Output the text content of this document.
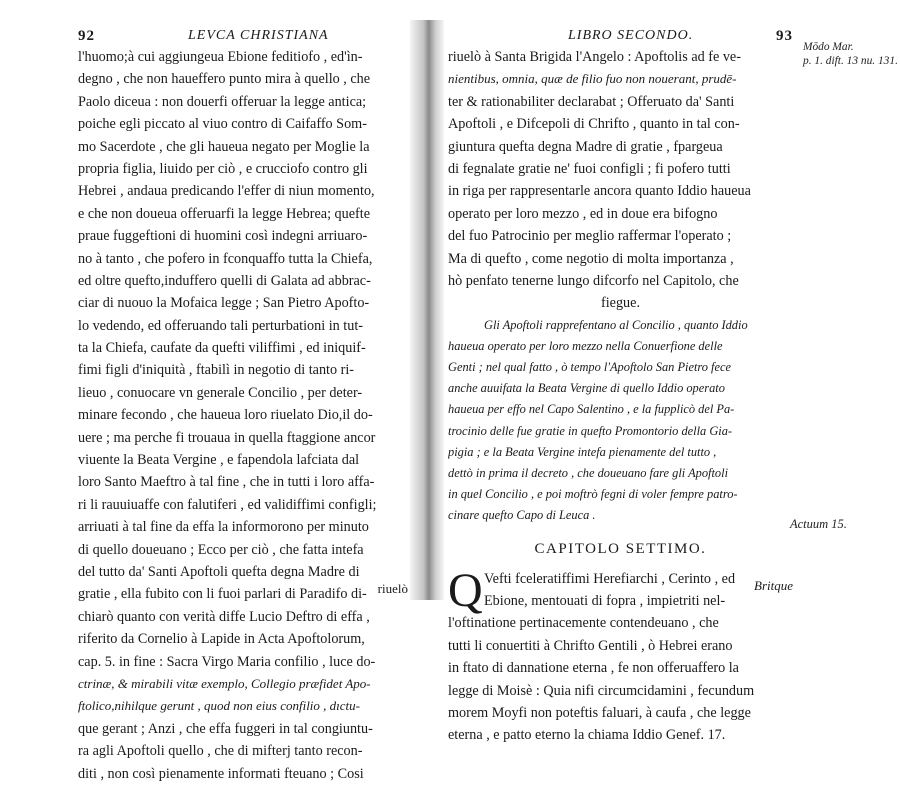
92	LEVCA CHRISTIANA
l'huomo;à cui aggiungeua Ebione feditiofo , ed'ìn-
degno , che non haueffero punto mira à quello , che
Paolo diceua : non douerfi offeruar la legge antica;
poiche egli piccato al viuo contro di Caifaffo Som-
mo Sacerdote , che gli haueua negato per Moglie la
propria figlia, liuido per ciò , e crucciofo contro gli
Hebrei , andaua predicando l'effer di niun momento,
e che non doueua offeruarfi la legge Hebrea; quefte
praue fuggeftioni di huomini così indegni arriuaro-
no à tanto , che pofero in fconquaffo tutta la Chiefa,
ed oltre quefto,induffero quelli di Galata ad abbrac-
ciar di nuouo la Mofaica legge ; San Pietro Apofto-
lo vedendo, ed offeruando tali perturbationi in tut-
ta la Chiefa, caufate da quefti viliffimi , ed iniquif-
fimi figli d'iniquità , ftabilì in negotio di tanto ri-
lieuo , conuocare vn generale Concilio , per deter-
minare fecondo , che haueua loro riuelato Dio,il do-
uere ; ma perche fi trouaua in quella ftaggione ancor
viuente la Beata Vergine , e fapendola lafciata dal
loro Santo Maeftro à tal fine , che in tutti i loro affa-
ri li rauuiuaffe con falutiferi , ed validiffimi configli;
arriuati à tal fine da effa la informorono per minuto
di quello doueuano ; Ecco per ciò , che fatta intefa
del tutto da' Santi Apoftoli quefta degna Madre di
gratie , ella fubito con li fuoi parlari di Paradifo di-
chiarò quanto con verità diffe Lucio Deftro di effa ,
riferito da Cornelio à Lapide in Acta Apoftolorum,
cap. 5. in fine : Sacra Virgo Maria confilio , luce do-
ctrinæ, & mirabili vitæ exemplo, Collegio præfidet Apo-
ftolico,nihilque gerunt , quod non eius confilio , dıctu-
que gerant ; Anzi , che effa fuggeri in tal congiuntu-
ra agli Apoftoli quello , che di mifterj tanto recon-
diti , non così pienamente informati fteuano ; Cosi
riuelò
LIBRO SECONDO.	93
riuelò à Santa Brigida l'Angelo : Apoftolis ad fe ve-
nientibus, omnia, quæ de filio fuo non nouerant, prudē-
ter & rationabiliter declarabat ; Offeruato da' Santi
Apoftoli , e Difcepoli di Chrifto , quanto in tal con-
giuntura quefta degna Madre di gratie , fpargeua
di fegnalate gratie ne' fuoi configli ; fi pofero tutti
in riga per rappresentarle ancora quanto Iddio haueua
operato per loro mezzo , ed in doue era bifogno
del fuo Patrocinio per meglio raffermar l'operato ;
Ma di quefto , come negotio di molta importanza ,
hò penfato tenerne lungo difcorfo nel Capitolo, che
fiegue.
Gli Apoftoli rapprefentano al Concilio , quanto Iddio
haueua operato per loro mezzo nella Conuerfione delle
Genti ; nel qual fatto , ò tempo l'Apoftolo San Pietro fece
anche auuifata la Beata Vergine di quello Iddio operato
haueua per effo nel Capo Salentino , e la fupplicò del Pa-
trocinio delle fue gratie in quefto Promontorio della Gia-
pigia ; e la Beata Vergine intefa pienamente del tutto ,
dettò in prima il decreto , che doueuano fare gli Apoftoli
in quel Concilio , e poi moftrò fegni di voler fempre patro-
cinare quefto Capo di Leuca .
CAPITOLO SETTIMO.
Q Vefti fceleratiffimi Herefiarchi , Cerinto , ed
Ebione, mentouati di fopra , impietriti nel-
l'oftinatione pertinacemente contendeuano , che
tutti li conuertiti à Chrifto Gentili , ò Hebrei erano
in ftato di dannatione eterna , fe non offeruaffero la
legge di Moisè : Quia nifi circumcidamini , fecundum
morem Moyfi non poteftis faluari, à caufa , che legge
eterna , e patto eterno la chiama Iddio Genef. 17.
Britque
Mōdo Mar.
p. 1. dift. 13 nu. 131.
Actuum 15.
